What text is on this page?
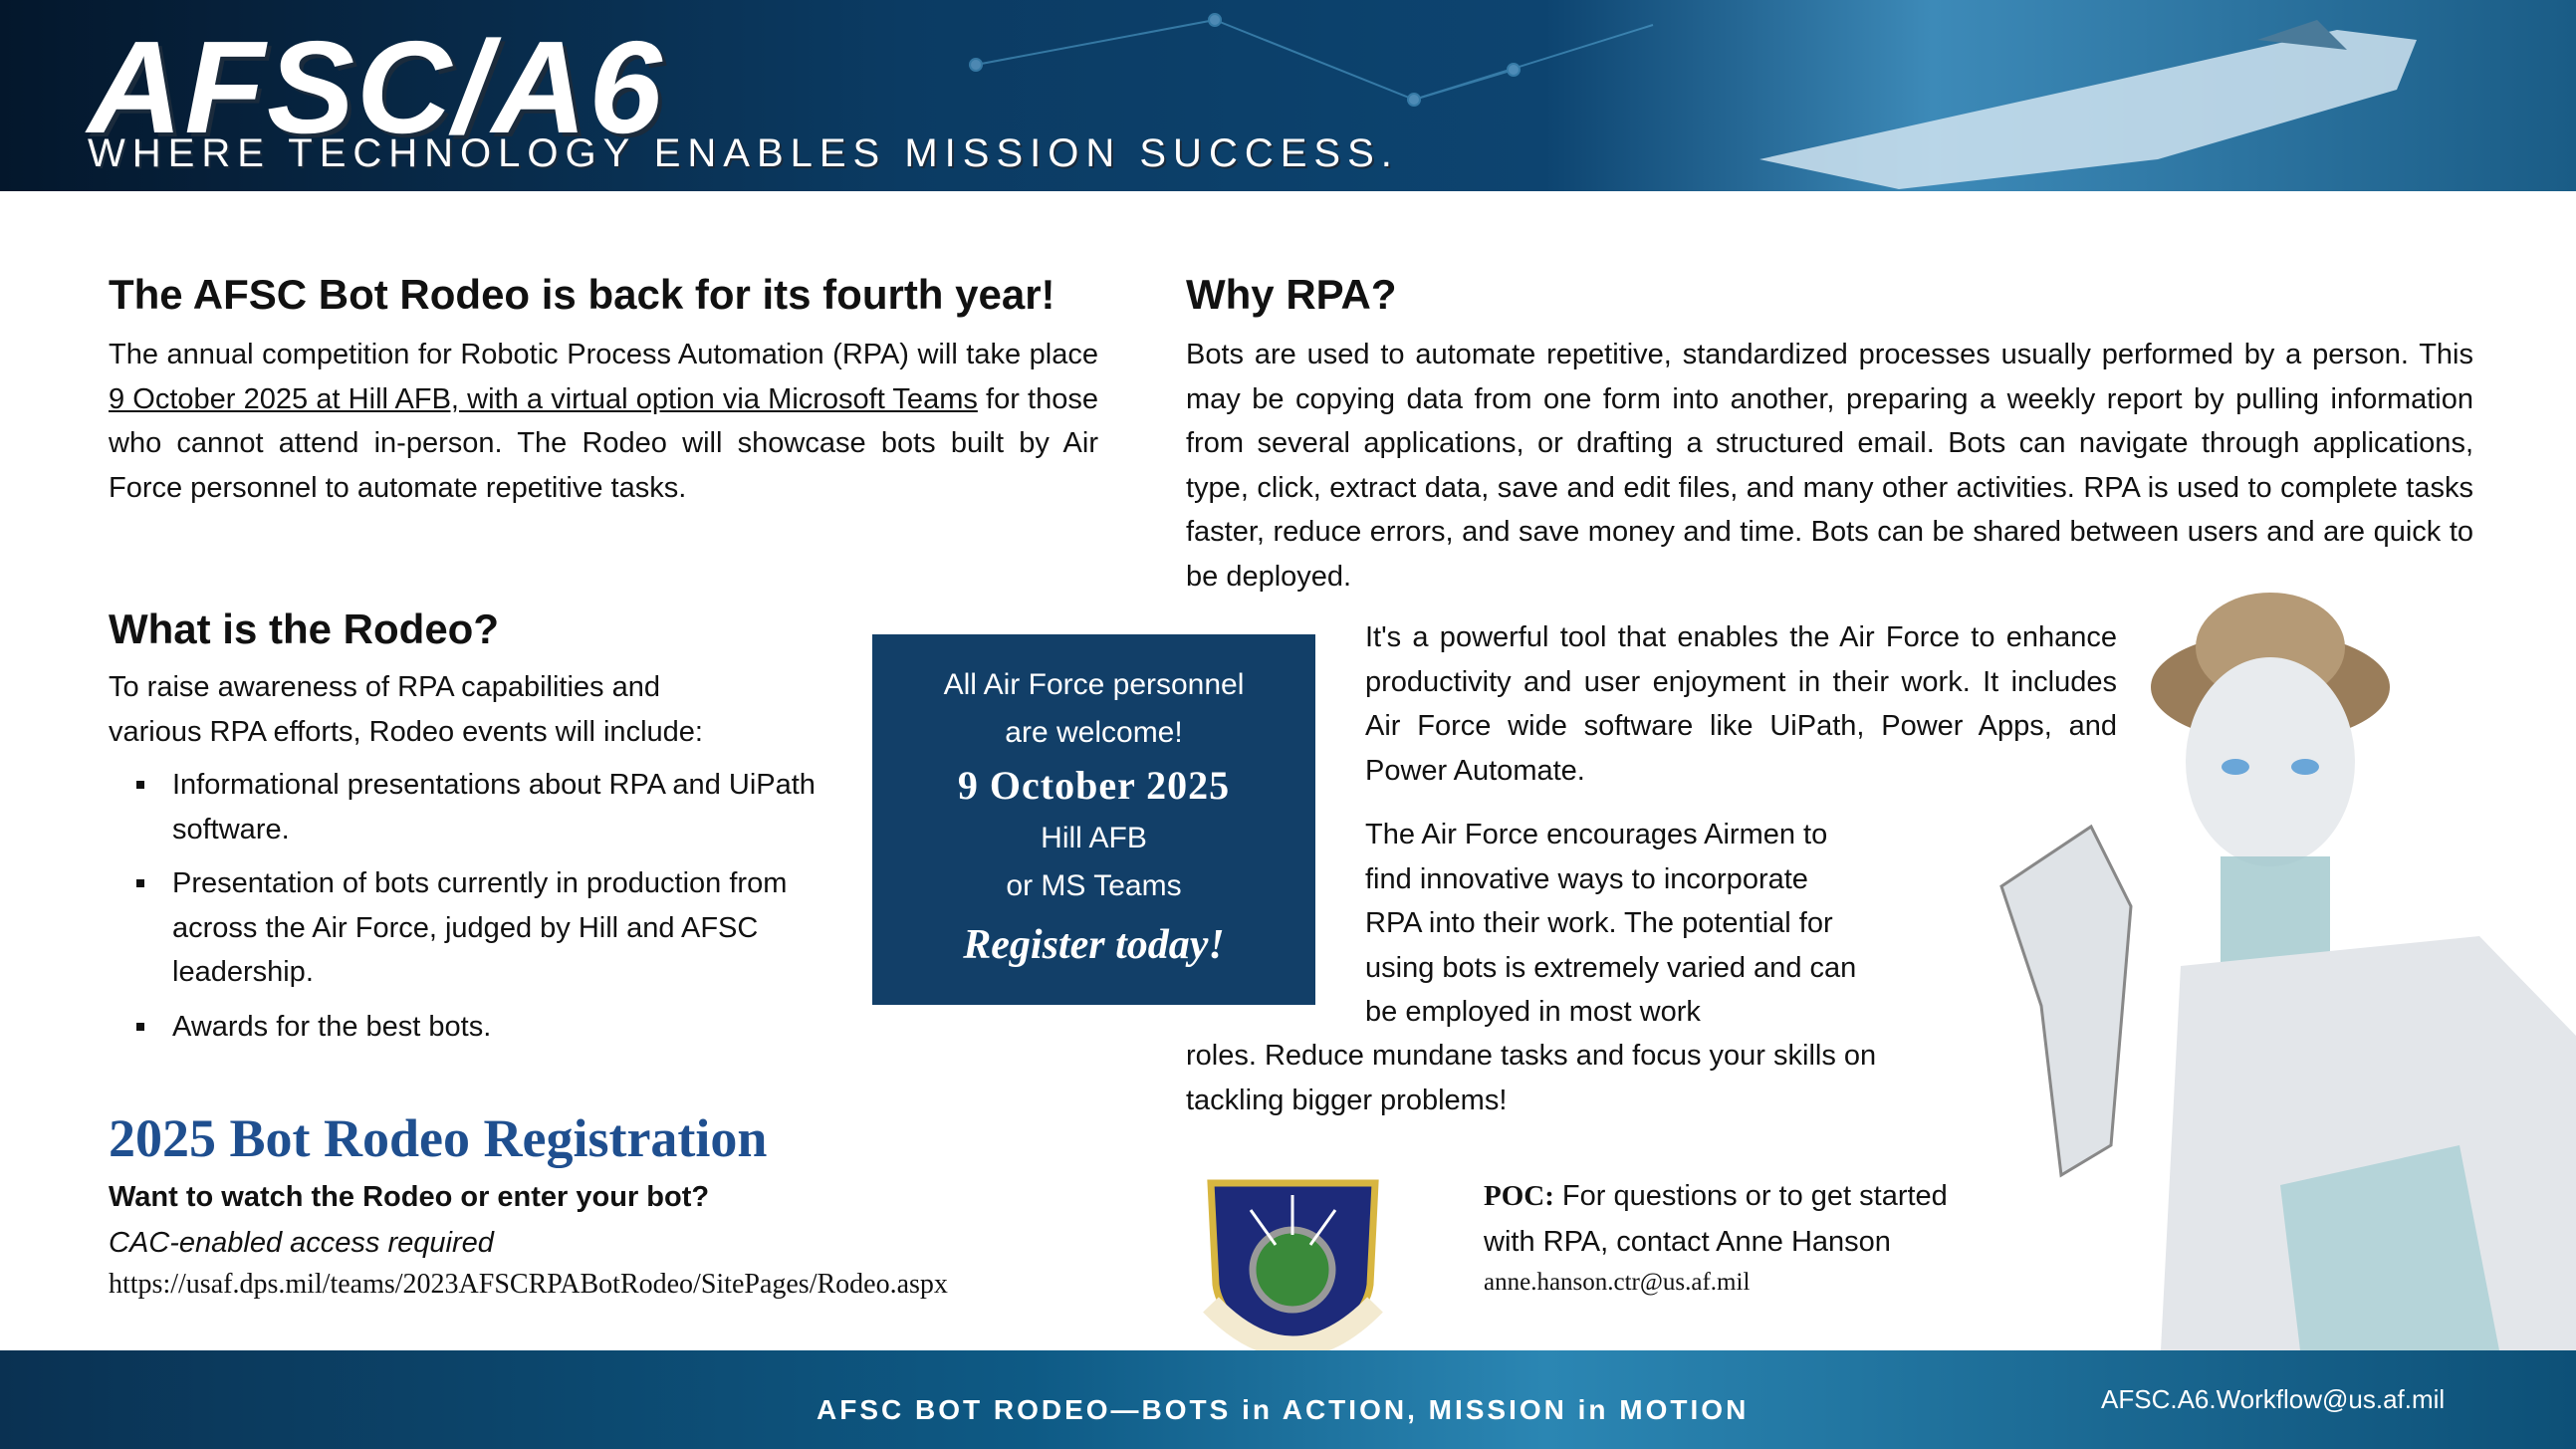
AFSC/A6
WHERE TECHNOLOGY ENABLES MISSION SUCCESS.
The AFSC Bot Rodeo is back for its fourth year!
The annual competition for Robotic Process Automation (RPA) will take place 9 October 2025 at Hill AFB, with a virtual option via Microsoft Teams for those who cannot attend in-person. The Rodeo will showcase bots built by Air Force personnel to automate repetitive tasks.
What is the Rodeo?
To raise awareness of RPA capabilities and various RPA efforts, Rodeo events will include:
Informational presentations about RPA and UiPath software.
Presentation of bots currently in production from across the Air Force, judged by Hill and AFSC leadership.
Awards for the best bots.
All Air Force personnel
are welcome!
9 October 2025
Hill AFB
or MS Teams
Register today!
Why RPA?
Bots are used to automate repetitive, standardized processes usually performed by a person. This may be copying data from one form into another, preparing a weekly report by pulling information from several applications, or drafting a structured email. Bots can navigate through applications, type, click, extract data, save and edit files, and many other activities. RPA is used to complete tasks faster, reduce errors, and save money and time. Bots can be shared between users and are quick to be deployed.
It's a powerful tool that enables the Air Force to enhance productivity and user enjoyment in their work. It includes Air Force wide software like UiPath, Power Apps, and Power Automate.
The Air Force encourages Airmen to find innovative ways to incorporate RPA into their work. The potential for using bots is extremely varied and can be employed in most work
roles. Reduce mundane tasks and focus your skills on tackling bigger problems!
2025 Bot Rodeo Registration
Want to watch the Rodeo or enter your bot?
CAC-enabled access required
https://usaf.dps.mil/teams/2023AFSCRPABotRodeo/SitePages/Rodeo.aspx
POC: For questions or to get started with RPA, contact Anne Hanson
anne.hanson.ctr@us.af.mil
AFSC BOT RODEO—BOTS in ACTION, MISSION in MOTION	AFSC.A6.Workflow@us.af.mil
